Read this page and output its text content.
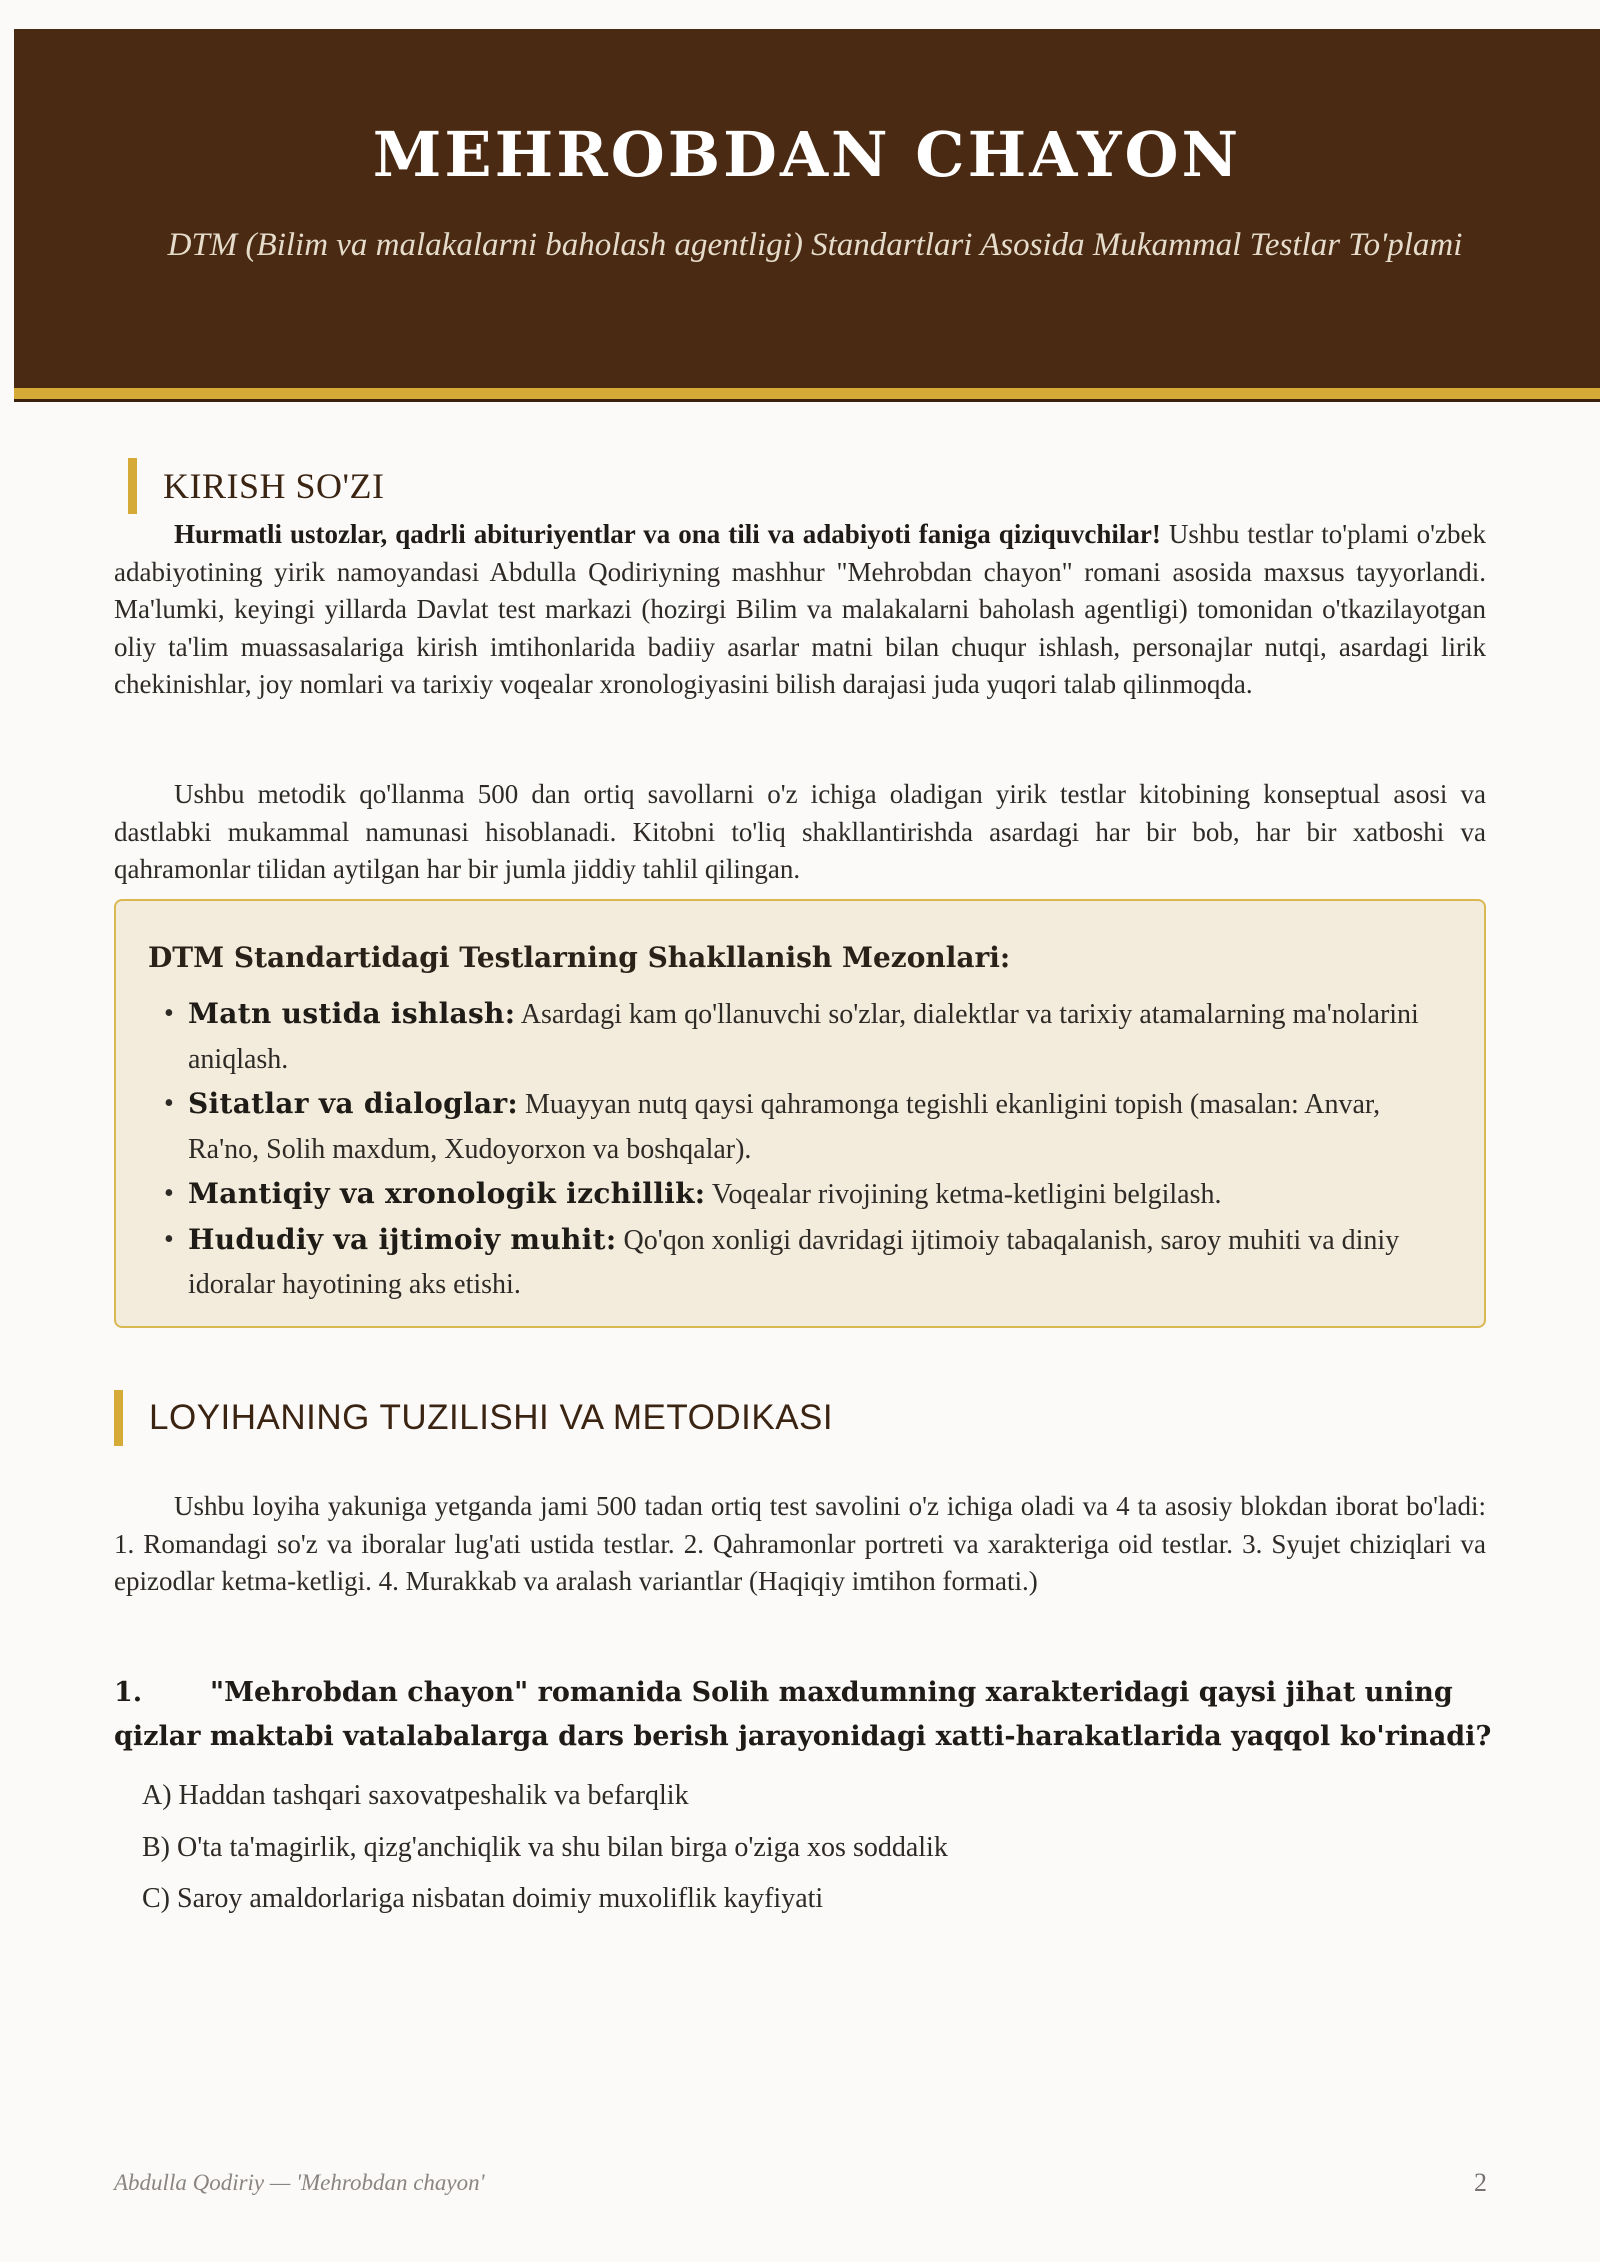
MEHROBDAN CHAYON
DTM (Bilim va malakalarni baholash agentligi) Standartlari Asosida Mukammal Testlar To'plami
KIRISH SO'ZI
Hurmatli ustozlar, qadrli abituriyentlar va ona tili va adabiyoti faniga qiziquvchilar! Ushbu testlar to'plami o'zbek adabiyotining yirik namoyandasi Abdulla Qodiriyning mashhur "Mehrobdan chayon" romani asosida maxsus tayyorlandi. Ma'lumki, keyingi yillarda Davlat test markazi (hozirgi Bilim va malakalarni baholash agentligi) tomonidan o'tkazilayotgan oliy ta'lim muassasalariga kirish imtihonlarida badiiy asarlar matni bilan chuqur ishlash, personajlar nutqi, asardagi lirik chekinishlar, joy nomlari va tarixiy voqealar xronologiyasini bilish darajasi juda yuqori talab qilinmoqda.
Ushbu metodik qo'llanma 500 dan ortiq savollarni o'z ichiga oladigan yirik testlar kitobining konseptual asosi va dastlabki mukammal namunasi hisoblanadi. Kitobni to'liq shakllantirishda asardagi har bir bob, har bir xatboshi va qahramonlar tilidan aytilgan har bir jumla jiddiy tahlil qilingan.
DTM Standartidagi Testlarning Shakllanish Mezonlari:
• Matn ustida ishlash: Asardagi kam qo'llanuvchi so'zlar, dialektlar va tarixiy atamalarning ma'nolarini aniqlash.
• Sitatlar va dialoglar: Muayyan nutq qaysi qahramonga tegishli ekanligini topish (masalan: Anvar, Ra'no, Solih maxdum, Xudoyorxon va boshqalar).
• Mantiqiy va xronologik izchillik: Voqealar rivojining ketma-ketligini belgilash.
• Hududiy va ijtimoiy muhit: Qo'qon xonligi davridagi ijtimoiy tabaqalanish, saroy muhiti va diniy idoralar hayotining aks etishi.
LOYIHANING TUZILISHI VA METODIKASI
Ushbu loyiha yakuniga yetganda jami 500 tadan ortiq test savolini o'z ichiga oladi va 4 ta asosiy blokdan iborat bo'ladi: 1. Romandagi so'z va iboralar lug'ati ustida testlar. 2. Qahramonlar portreti va xarakteriga oid testlar. 3. Syujet chiziqlari va epizodlar ketma-ketligi. 4. Murakkab va aralash variantlar (Haqiqiy imtihon formati.)
1.	"Mehrobdan chayon" romanida Solih maxdumning xarakteridagi qaysi jihat uning qizlar maktabi vatalabalarga dars berish jarayonidagi xatti-harakatlarida yaqqol ko'rinadi?
A) Haddan tashqari saxovatpeshalik va befarqlik
B) O'ta ta'magirlik, qizg'anchiqlik va shu bilan birga o'ziga xos soddalik
C) Saroy amaldorlariga nisbatan doimiy muxoliflik kayfiyati
Abdulla Qodiriy — 'Mehrobdan chayon'	2
